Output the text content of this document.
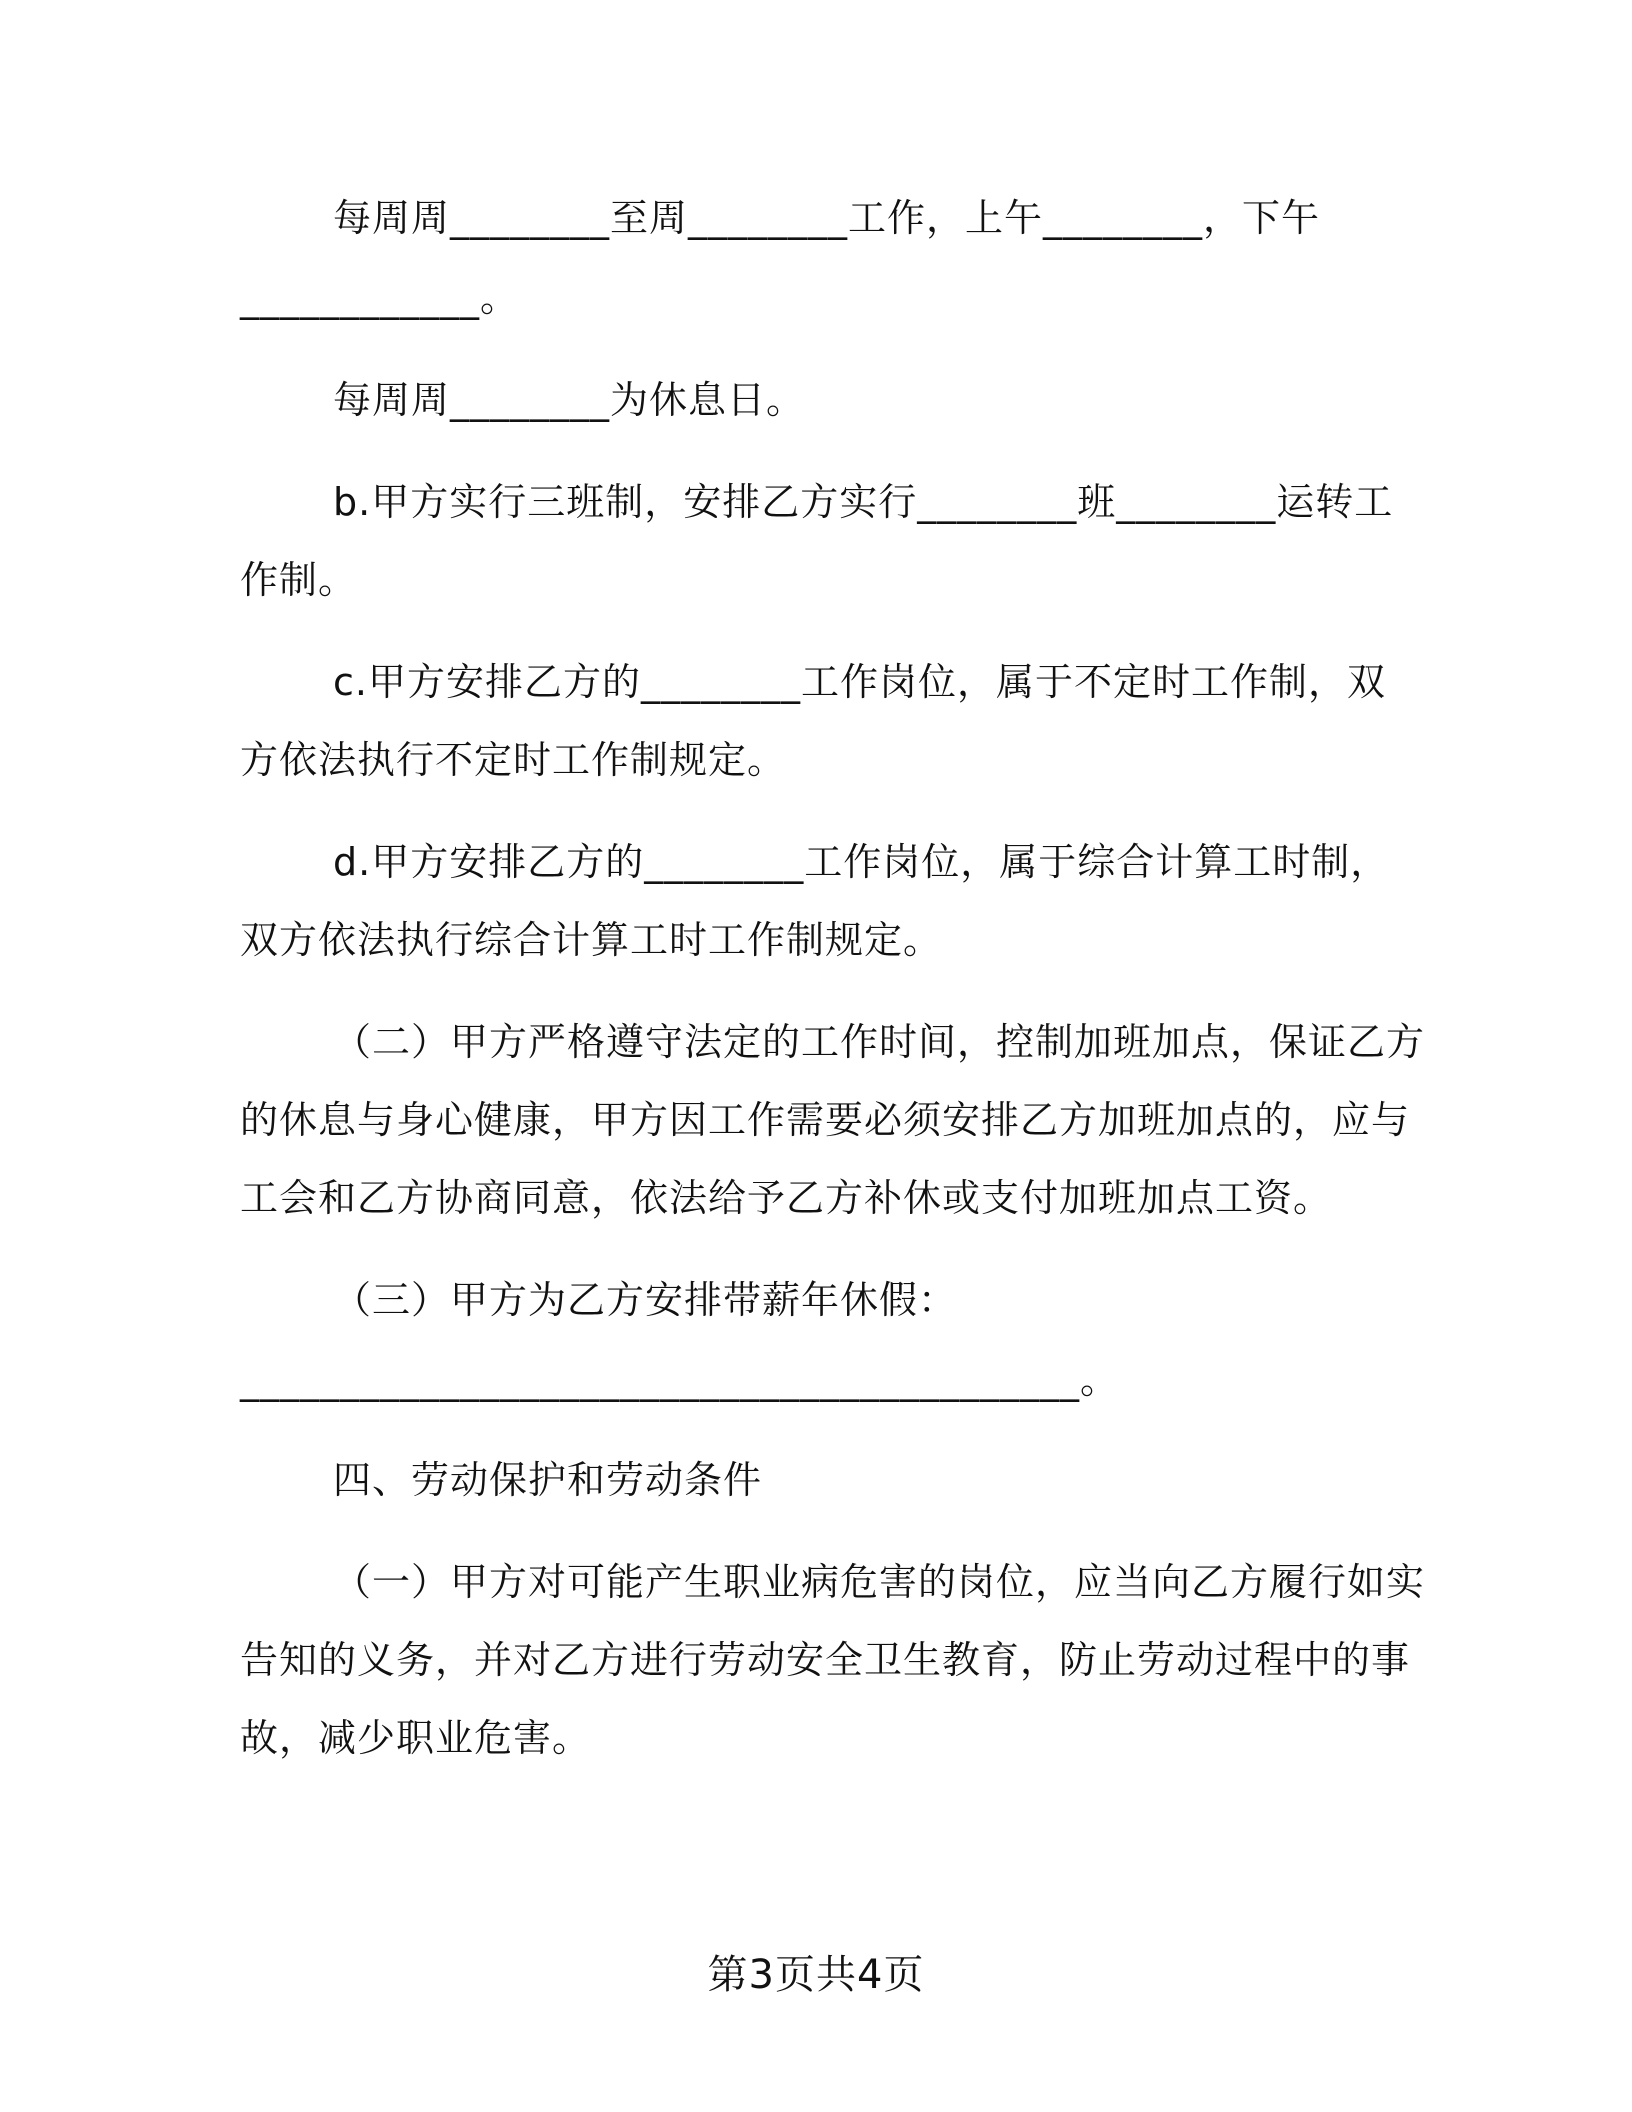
每周周________至周________工作，上午________，下午
____________。
每周周________为休息日。
b.甲方实行三班制，安排乙方实行________班________运转工
作制。
c.甲方安排乙方的________工作岗位，属于不定时工作制，双
方依法执行不定时工作制规定。
d.甲方安排乙方的________工作岗位，属于综合计算工时制，
双方依法执行综合计算工时工作制规定。
（二）甲方严格遵守法定的工作时间，控制加班加点，保证乙方
的休息与身心健康，甲方因工作需要必须安排乙方加班加点的，应与
工会和乙方协商同意，依法给予乙方补休或支付加班加点工资。
（三）甲方为乙方安排带薪年休假：
__________________________________________。
四、劳动保护和劳动条件
（一）甲方对可能产生职业病危害的岗位，应当向乙方履行如实
告知的义务，并对乙方进行劳动安全卫生教育，防止劳动过程中的事
故，减少职业危害。
第3页共4页
